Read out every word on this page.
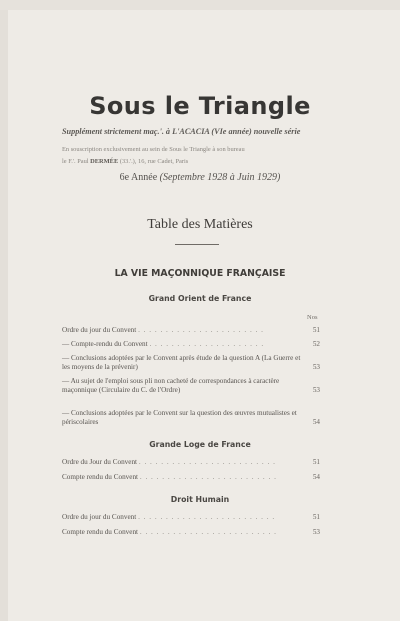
Sous le Triangle
Supplément strictement maç.'. à L'ACACIA (VIe année) nouvelle série
En souscription exclusivement au sein de Sous le Triangle à son bureau
le F.'. Paul DERMÉE (33.'.), 16, rue Cadet, Paris
6e Année (Septembre 1928 à Juin 1929)
Table des Matières
LA VIE MAÇONNIQUE FRANÇAISE
Grand Orient de France
Nos
Ordre du jour du Convent . . . . . . . . . . . . . . . . . . . . . . .	51
— Compte-rendu du Convent . . . . . . . . . . . . . . . . . . . . .	52
— Conclusions adoptées par le Convent après étude de la question A (La Guerre et les moyens de la prévenir)	53
— Au sujet de l'emploi sous pli non cacheté de correspondances à caractère maçonnique (Circulaire du C. de l'Ordre)	53
— Conclusions adoptées par le Convent sur la question des œuvres mutualistes et périscolaires	54
Grande Loge de France
Ordre du Jour du Convent . . . . . . . . . . . . . . . . . . . . . . . . .	51
Compte rendu du Convent . . . . . . . . . . . . . . . . . . . . . . . . .	54
Droit Humain
Ordre du jour du Convent . . . . . . . . . . . . . . . . . . . . . . . . .	51
Compte rendu du Convent . . . . . . . . . . . . . . . . . . . . . . . . .	53
